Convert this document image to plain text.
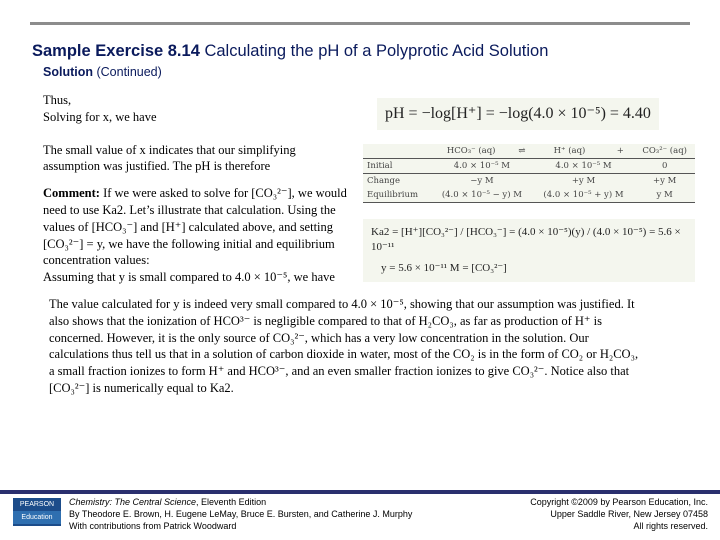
Sample Exercise 8.14 Calculating the pH of a Polyprotic Acid Solution
Solution (Continued)
Thus,
Solving for x, we have
The small value of x indicates that our simplifying assumption was justified. The pH is therefore
Comment: If we were asked to solve for [CO₃²⁻], we would need to use Ka2. Let’s illustrate that calculation. Using the values of [HCO₃⁻] and [H⁺] calculated above, and setting [CO₃²⁻] = y, we have the following initial and equilibrium concentration values:
Assuming that y is small compared to 4.0 × 10⁻⁵, we have
pH = −log[H⁺] = −log(4.0 × 10⁻⁵) = 4.40
	HCO₃⁻ (aq)	⇌	H⁺ (aq)	+	CO₃²⁻ (aq)
Initial	4.0 × 10⁻⁵ M		4.0 × 10⁻⁵ M		0
Change	−y M		+y M		+y M
Equilibrium	(4.0 × 10⁻⁵ − y) M		(4.0 × 10⁻⁵ + y) M		y M
Ka2 = [H⁺][CO₃²⁻] / [HCO₃⁻] = (4.0 × 10⁻⁵)(y) / (4.0 × 10⁻⁵) = 5.6 × 10⁻¹¹
y = 5.6 × 10⁻¹¹ M = [CO₃²⁻]
The value calculated for y is indeed very small compared to 4.0 × 10⁻⁵, showing that our assumption was justified. It also shows that the ionization of HCO³⁻ is negligible compared to that of H₂CO₃, as far as production of H⁺ is concerned. However, it is the only source of CO₃²⁻, which has a very low concentration in the solution. Our calculations thus tell us that in a solution of carbon dioxide in water, most of the CO₂ is in the form of CO₂ or H₂CO₃, a small fraction ionizes to form H⁺ and HCO³⁻, and an even smaller fraction ionizes to give CO₃²⁻. Notice also that [CO₃²⁻] is numerically equal to Ka2.
PEARSON
Education
Chemistry: The Central Science, Eleventh Edition
By Theodore E. Brown, H. Eugene LeMay, Bruce E. Bursten, and Catherine J. Murphy
With contributions from Patrick Woodward
Copyright ©2009 by Pearson Education, Inc.
Upper Saddle River, New Jersey 07458
All rights reserved.
